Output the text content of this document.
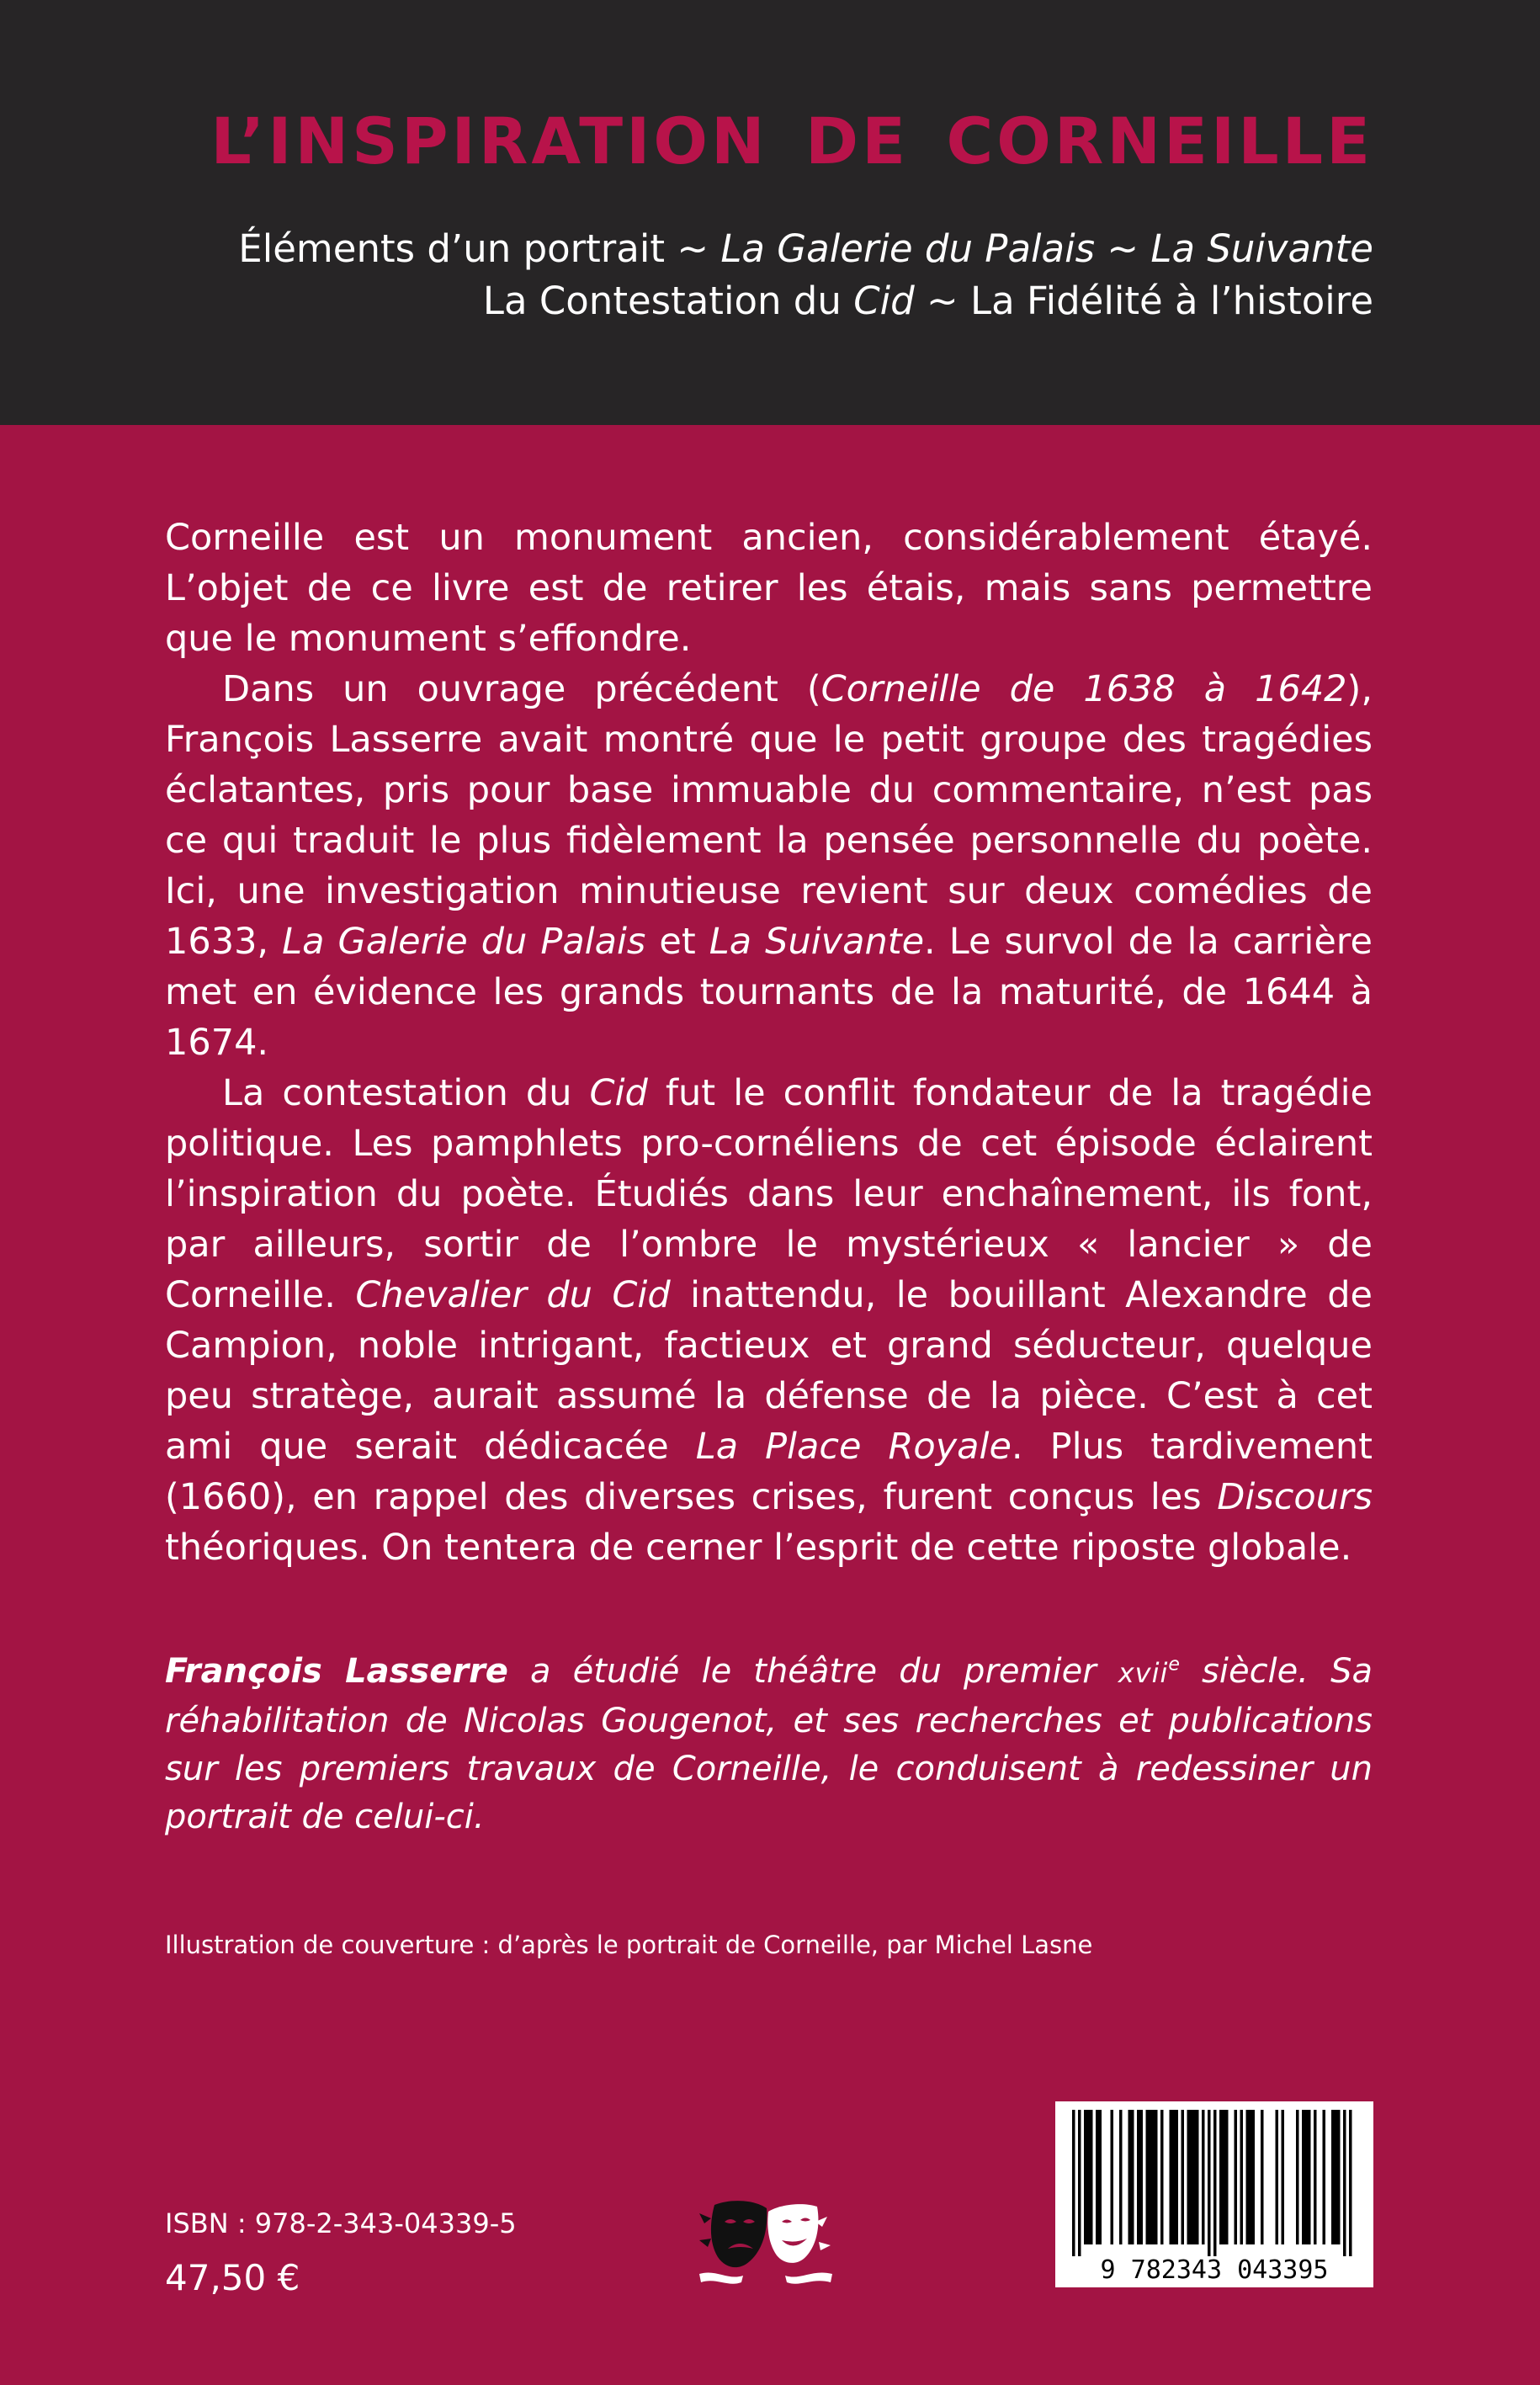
L’INSPIRATION DE CORNEILLE
Éléments d’un portrait ~ La Galerie du Palais ~ La Suivante
La Contestation du Cid ~ La Fidélité à l’histoire

Corneille est un monument ancien, considérablement étayé. L’objet de ce livre est de retirer les étais, mais sans permettre que le monument s’effondre.

Dans un ouvrage précédent (Corneille de 1638 à 1642), François Lasserre avait montré que le petit groupe des tragédies éclatantes, pris pour base immuable du commentaire, n’est pas ce qui traduit le plus fidèlement la pensée personnelle du poète. Ici, une investigation minutieuse revient sur deux comédies de 1633, La Galerie du Palais et La Suivante. Le survol de la carrière met en évidence les grands tournants de la maturité, de 1644 à 1674.

La contestation du Cid fut le conflit fondateur de la tragédie politique. Les pamphlets pro-cornéliens de cet épisode éclairent l’inspiration du poète. Étudiés dans leur enchaînement, ils font, par ailleurs, sortir de l’ombre le mystérieux « lancier » de Corneille. Chevalier du Cid inattendu, le bouillant Alexandre de Campion, noble intrigant, factieux et grand séducteur, quelque peu stratège, aurait assumé la défense de la pièce. C’est à cet ami que serait dédicacée La Place Royale. Plus tardivement (1660), en rappel des diverses crises, furent conçus les Discours théoriques. On tentera de cerner l’esprit de cette riposte globale.

François Lasserre a étudié le théâtre du premier xvii$^e$ siècle. Sa réhabilitation de Nicolas Gougenot, et ses recherches et publications sur les premiers travaux de Corneille, le conduisent à redessiner un portrait de celui-ci.

Illustration de couverture : d’après le portrait de Corneille, par Michel Lasne
ISBN : 978-2-343-04339-5
47,50 €	9 782343 043395
